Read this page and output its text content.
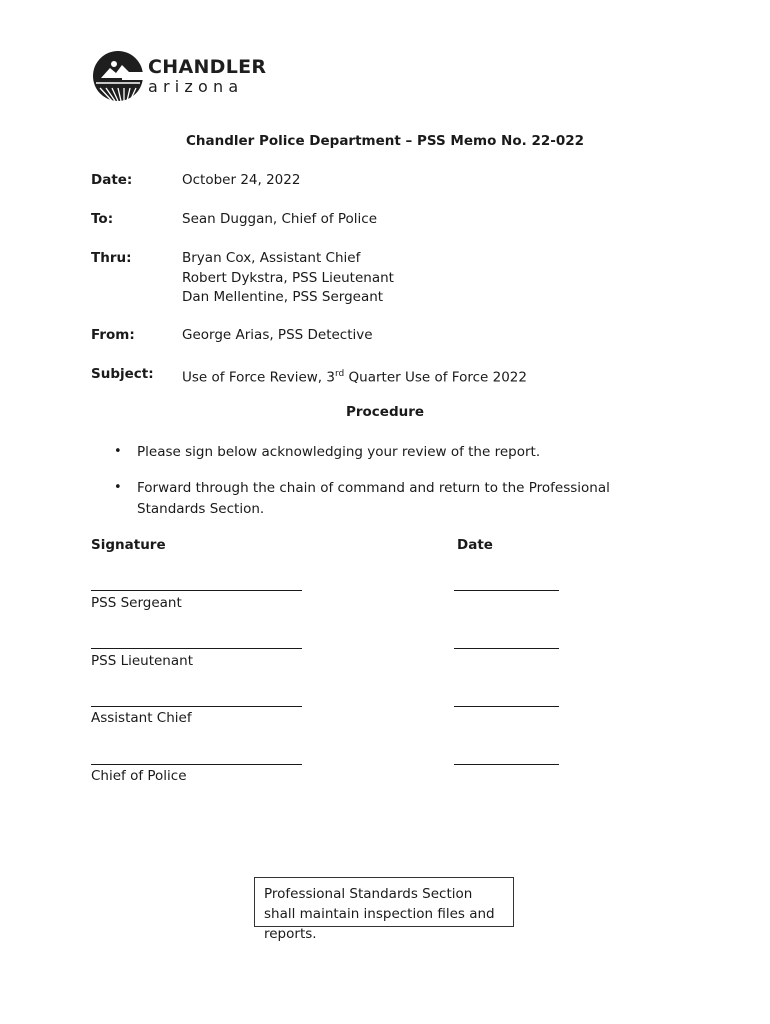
CHANDLER
arizona
Chandler Police Department – PSS Memo No. 22-022
Date:	October 24, 2022
To:	Sean Duggan, Chief of Police
Thru:	Bryan Cox, Assistant Chief
Robert Dykstra, PSS Lieutenant
Dan Mellentine, PSS Sergeant
From:	George Arias, PSS Detective
Subject: Use of Force Review, 3rd Quarter Use of Force 2022
Procedure
• Please sign below acknowledging your review of the report.
• Forward through the chain of command and return to the Professional Standards Section.
Signature	Date
PSS Sergeant
PSS Lieutenant
Assistant Chief
Chief of Police
Professional Standards Section shall maintain inspection files and reports.
